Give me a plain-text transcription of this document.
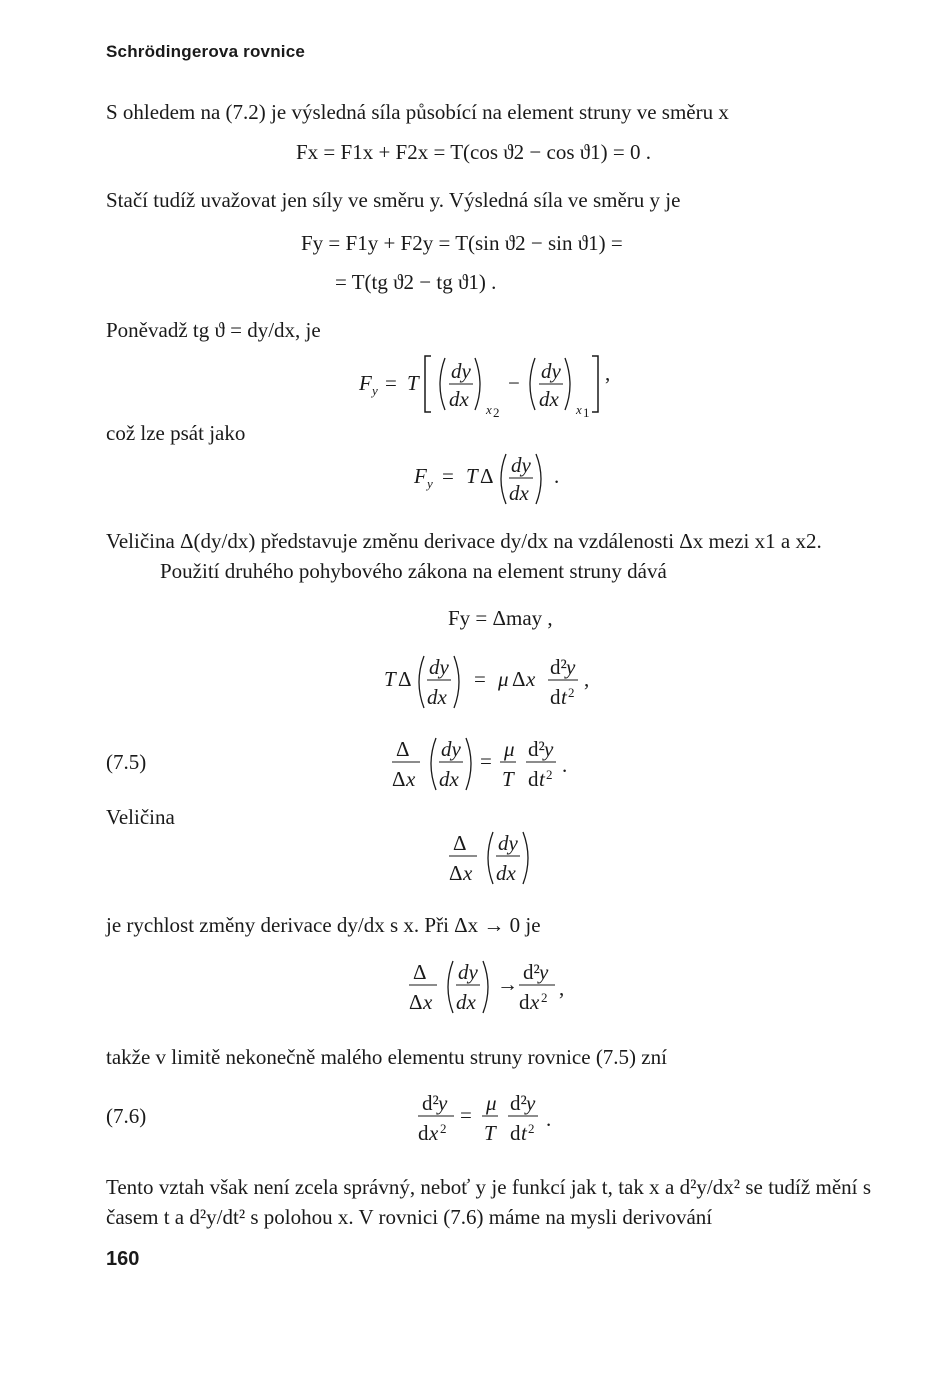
Schrödingerova rovnice
S ohledem na (7.2) je výsledná síla působící na element struny ve směru x
Fx = F1x + F2x = T(cos ϑ2 − cos ϑ1) = 0 .
Stačí tudíž uvažovat jen síly ve směru y. Výsledná síla ve směru y je
Fy = F1y + F2y = T(sin ϑ2 − sin ϑ1) =
= T(tg ϑ2 − tg ϑ1) .
Poněvadž tg ϑ = dy/dx, je
F y = T dy
dx x 2
− dy
dx x 1
,
což lze psát jako
F y = T Δ dy
dx
.
Veličina Δ(dy/dx) představuje změnu derivace dy/dx na vzdálenosti Δx mezi x1 a x2.
Použití druhého pohybového zákona na element struny dává
Fy = Δmay ,
T Δ dy
dx
= μ Δ x d² y
d t 2
,
(7.5)
Δ
Δ x
dy
dx
= μ
T
d² y
d t 2 .
Veličina
Δ
Δ x
dy
dx
je rychlost změny derivace dy/dx s x. Při Δx → 0 je
Δ
Δ x
dy
dx
→ d² y
d x 2 ,
takže v limitě nekonečně malého elementu struny rovnice (7.5) zní
(7.6)
d² y
d x 2
= μ
T
d² y
d t 2 .
Tento vztah však není zcela správný, neboť y je funkcí jak t, tak x a d²y/dx² se tudíž mění s časem t a d²y/dt² s polohou x. V rovnici (7.6) máme na mysli derivování
160
